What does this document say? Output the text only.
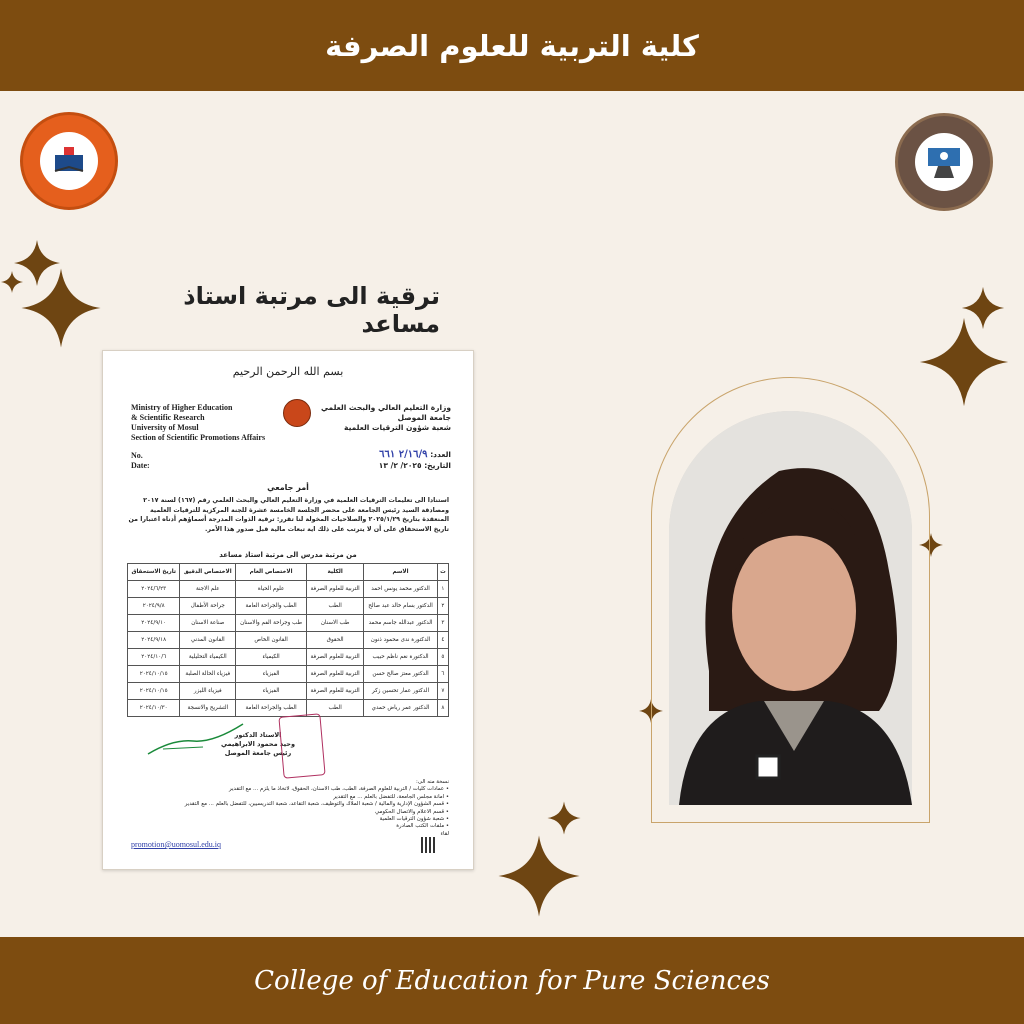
كلية التربية للعلوم الصرفة
ترقية الى مرتبة استاذ مساعد
بسم الله الرحمن الرحيم
Ministry of Higher Education
& Scientific Research
University of Mosul
Section of Scientific Promotions Affairs
وزارة التعليم العالي والبحث العلمي
جامعة الموصل
شعبة شؤون الترقيات العلمية
No.
Date:
العدد: ٢/١٦/٩ ٦٦١
التاريخ: ٢٠٢٥/ ٢/ ١٣
أمر جامعي
استنادا الى تعليمات الترقيات العلمية في وزارة التعليم العالي والبحث العلمي رقم (١٦٧) لسنة ٢٠١٧ ومصادقة السيد رئيس الجامعة على محضر الجلسة الخامسة عشرة للجنة المركزية للترقيات العلمية المنعقدة بتاريخ ٢٠٢٥/١/٢٩ والصلاحيات المخولة لنا تقرر: ترقية الذوات المدرجة أسماؤهم أدناه اعتبارا من تاريخ الاستحقاق على أن لا يترتب على ذلك اية تبعات مالية قبل صدور هذا الأمر.
من مرتبة مدرس الى مرتبة استاذ مساعد
ت	الاسم	الكلية	الاختصاص العام	الاختصاص الدقيق	تاريخ الاستحقاق
١	الدكتور محمد يونس احمد	التربية للعلوم الصرفة	علوم الحياة	علم الاجنة	٢٠٢٤/٦/٢٣
٢	الدكتور بسام خالد عبد صالح	الطب	الطب والجراحة العامة	جراحة الأطفال	٢٠٢٤/٩/٨
٣	الدكتور عبدالله جاسم محمد	طب الاسنان	طب وجراحة الفم والاسنان	صناعة الاسنان	٢٠٢٤/٩/١٠
٤	الدكتورة ندى محمود ذنون	الحقوق	القانون الخاص	القانون المدني	٢٠٢٤/٩/١٨
٥	الدكتورة نغم ناظم حبيب	التربية للعلوم الصرفة	الكيمياء	الكيمياء التحليلية	٢٠٢٤/١٠/٦
٦	الدكتور معتز صالح حسن	التربية للعلوم الصرفة	الفيزياء	فيزياء الحالة الصلبة	٢٠٢٤/١٠/١٥
٧	الدكتور عمار تحسين زكر	التربية للعلوم الصرفة	الفيزياء	فيزياء الليزر	٢٠٢٤/١٠/١٥
٨	الدكتور عمر رياض حمدي	الطب	الطب والجراحة العامة	التشريح والانسجة	٢٠٢٤/١٠/٣٠
الاستاذ الدكتور
وحيد محمود الابراهيمي
رئيس جامعة الموصل
نسخة منه الى:
• عمادات كليات / التربية للعلوم الصرفة، الطب، طب الاسنان، الحقوق، لاتخاذ ما يلزم ... مع التقدير
• امانة مجلس الجامعة، للتفضل بالعلم ... مع التقدير
• قسم الشؤون الإدارية والمالية / شعبة الملاك والتوظيف، شعبة التقاعد، شعبة التدريسيين، للتفضل بالعلم ... مع التقدير
• قسم الاعلام والاتصال الحكومي
• شعبة شؤون الترقيات العلمية
• ملفات الكتب الصادرة
لقاء
promotion@uomosul.edu.iq
College of Education for Pure Sciences
